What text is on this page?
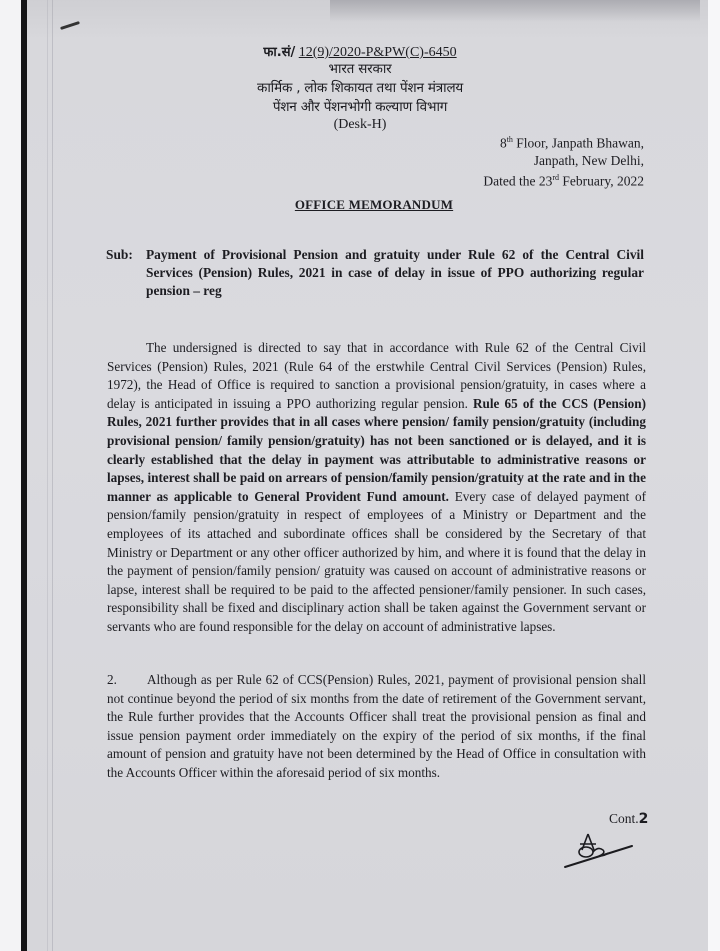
फा.सं/ 12(9)/2020-P&PW(C)-6450
भारत सरकार
कार्मिक , लोक शिकायत तथा पेंशन मंत्रालय
पेंशन और पेंशनभोगी कल्याण विभाग
(Desk-H)
8th Floor, Janpath Bhawan,
Janpath, New Delhi,
Dated the 23rd February, 2022
OFFICE MEMORANDUM
Sub: Payment of Provisional Pension and gratuity under Rule 62 of the Central Civil Services (Pension) Rules, 2021 in case of delay in issue of PPO authorizing regular pension – reg
The undersigned is directed to say that in accordance with Rule 62 of the Central Civil Services (Pension) Rules, 2021 (Rule 64 of the erstwhile Central Civil Services (Pension) Rules, 1972), the Head of Office is required to sanction a provisional pension/gratuity, in cases where a delay is anticipated in issuing a PPO authorizing regular pension. Rule 65 of the CCS (Pension) Rules, 2021 further provides that in all cases where pension/ family pension/gratuity (including provisional pension/ family pension/gratuity) has not been sanctioned or is delayed, and it is clearly established that the delay in payment was attributable to administrative reasons or lapses, interest shall be paid on arrears of pension/family pension/gratuity at the rate and in the manner as applicable to General Provident Fund amount. Every case of delayed payment of pension/family pension/gratuity in respect of employees of a Ministry or Department and the employees of its attached and subordinate offices shall be considered by the Secretary of that Ministry or Department or any other officer authorized by him, and where it is found that the delay in the payment of pension/family pension/ gratuity was caused on account of administrative reasons or lapse, interest shall be required to be paid to the affected pensioner/family pensioner. In such cases, responsibility shall be fixed and disciplinary action shall be taken against the Government servant or servants who are found responsible for the delay on account of administrative lapses.
2. Although as per Rule 62 of CCS(Pension) Rules, 2021, payment of provisional pension shall not continue beyond the period of six months from the date of retirement of the Government servant, the Rule further provides that the Accounts Officer shall treat the provisional pension as final and issue pension payment order immediately on the expiry of the period of six months, if the final amount of pension and gratuity have not been determined by the Head of Office in consultation with the Accounts Officer within the aforesaid period of six months.
Cont.2
